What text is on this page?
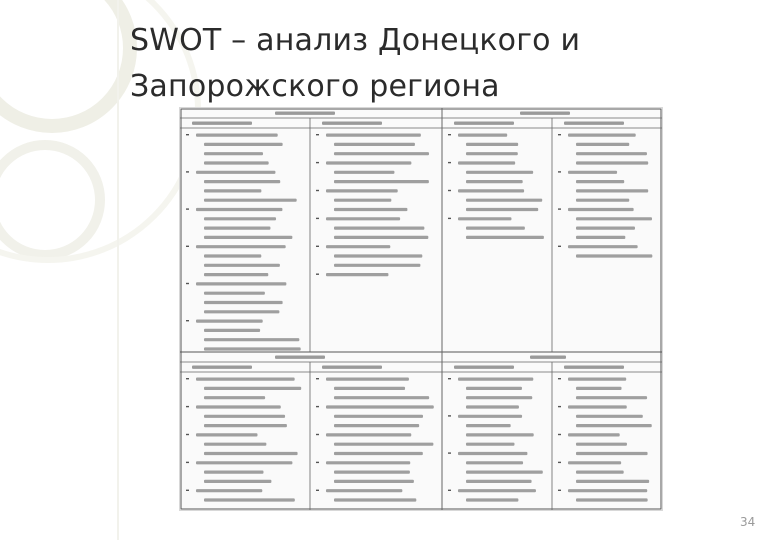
SWOT – анализ Донецкого и
Запорожского региона
34
